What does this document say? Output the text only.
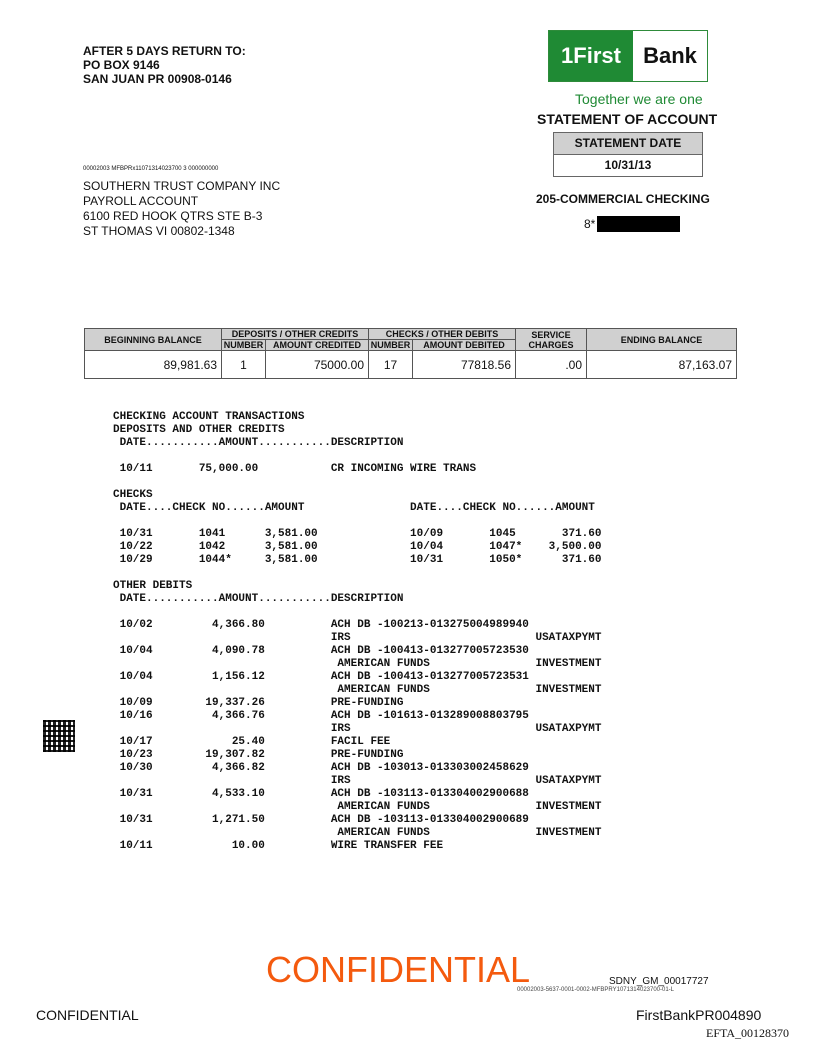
AFTER 5 DAYS RETURN TO:
PO BOX 9146
SAN JUAN PR 00908-0146
1First	Bank
Together we are one
STATEMENT OF ACCOUNT
STATEMENT DATE
10/31/13
00002003 MFBPRx11071314023700 3 000000000
SOUTHERN TRUST COMPANY INC
PAYROLL ACCOUNT
6100 RED HOOK QTRS STE B-3
ST THOMAS VI 00802-1348
205-COMMERCIAL CHECKING
8*
BEGINNING BALANCE	DEPOSITS / OTHER CREDITS		CHECKS / OTHER DEBITS		SERVICE CHARGES	ENDING BALANCE
	NUMBER	AMOUNT CREDITED	NUMBER	AMOUNT DEBITED		
89,981.63	1	75000.00	17	77818.56	.00	87,163.07
CHECKING ACCOUNT TRANSACTIONS
DEPOSITS AND OTHER CREDITS
DATE...........AMOUNT...........DESCRIPTION

10/11       75,000.00           CR INCOMING WIRE TRANS

CHECKS
DATE....CHECK NO......AMOUNT                DATE....CHECK NO......AMOUNT

10/31       1041      3,581.00              10/09       1045       371.60
10/22       1042      3,581.00              10/04       1047*    3,500.00
10/29       1044*     3,581.00              10/31       1050*      371.60

OTHER DEBITS
DATE...........AMOUNT...........DESCRIPTION

10/02         4,366.80          ACH DB -100213-013275004989940
IRS                            USATAXPYMT
10/04         4,090.78          ACH DB -100413-013277005723530
AMERICAN FUNDS                INVESTMENT
10/04         1,156.12          ACH DB -100413-013277005723531
AMERICAN FUNDS                INVESTMENT
10/09        19,337.26          PRE-FUNDING
10/16         4,366.76          ACH DB -101613-013289008803795
IRS                            USATAXPYMT
10/17            25.40          FACIL FEE
10/23        19,307.82          PRE-FUNDING
10/30         4,366.82          ACH DB -103013-013303002458629
IRS                            USATAXPYMT
10/31         4,533.10          ACH DB -103113-013304002900688
AMERICAN FUNDS                INVESTMENT
10/31         1,271.50          ACH DB -103113-013304002900689
AMERICAN FUNDS                INVESTMENT
10/11            10.00          WIRE TRANSFER FEE
CONFIDENTIAL	SDNY_GM_00017727
00002003-5637-0001-0002-MFBPRY1071314023700-01-L
CONFIDENTIAL	FirstBankPR004890
EFTA_00128370
